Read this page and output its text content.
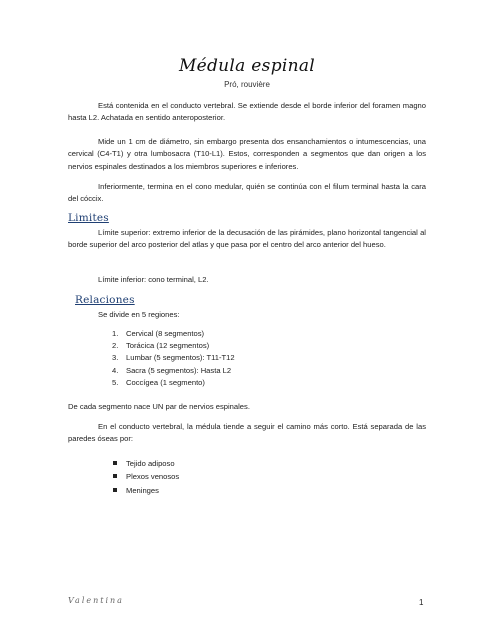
Médula espinal
Pró, rouvière

Está contenida en el conducto vertebral. Se extiende desde el borde inferior del foramen magno hasta L2. Achatada en sentido anteroposterior.

Mide un 1 cm de diámetro, sin embargo presenta dos ensanchamientos o intumescencias, una cervical (C4-T1) y otra lumbosacra (T10-L1). Estos, corresponden a segmentos que dan origen a los nervios espinales destinados a los miembros superiores e inferiores.

Inferiormente, termina en el cono medular, quién se continúa con el filum terminal hasta la cara del cóccix.

Limites

Límite superior: extremo inferior de la decusación de las pirámides, plano horizontal tangencial al borde superior del arco posterior del atlas y que pasa por el centro del arco anterior del hueso.

Límite inferior: cono terminal, L2.

Relaciones

Se divide en 5 regiones:

1. Cervical (8 segmentos)
2. Torácica (12 segmentos)
3. Lumbar (5 segmentos): T11-T12
4. Sacra (5 segmentos): Hasta L2
5. Coccígea (1 segmento)

De cada segmento nace UN par de nervios espinales.

En el conducto vertebral, la médula tiende a seguir el camino más corto. Está separada de las paredes óseas por:

Tejido adiposo
Plexos venosos
Meninges
Valentina	1
